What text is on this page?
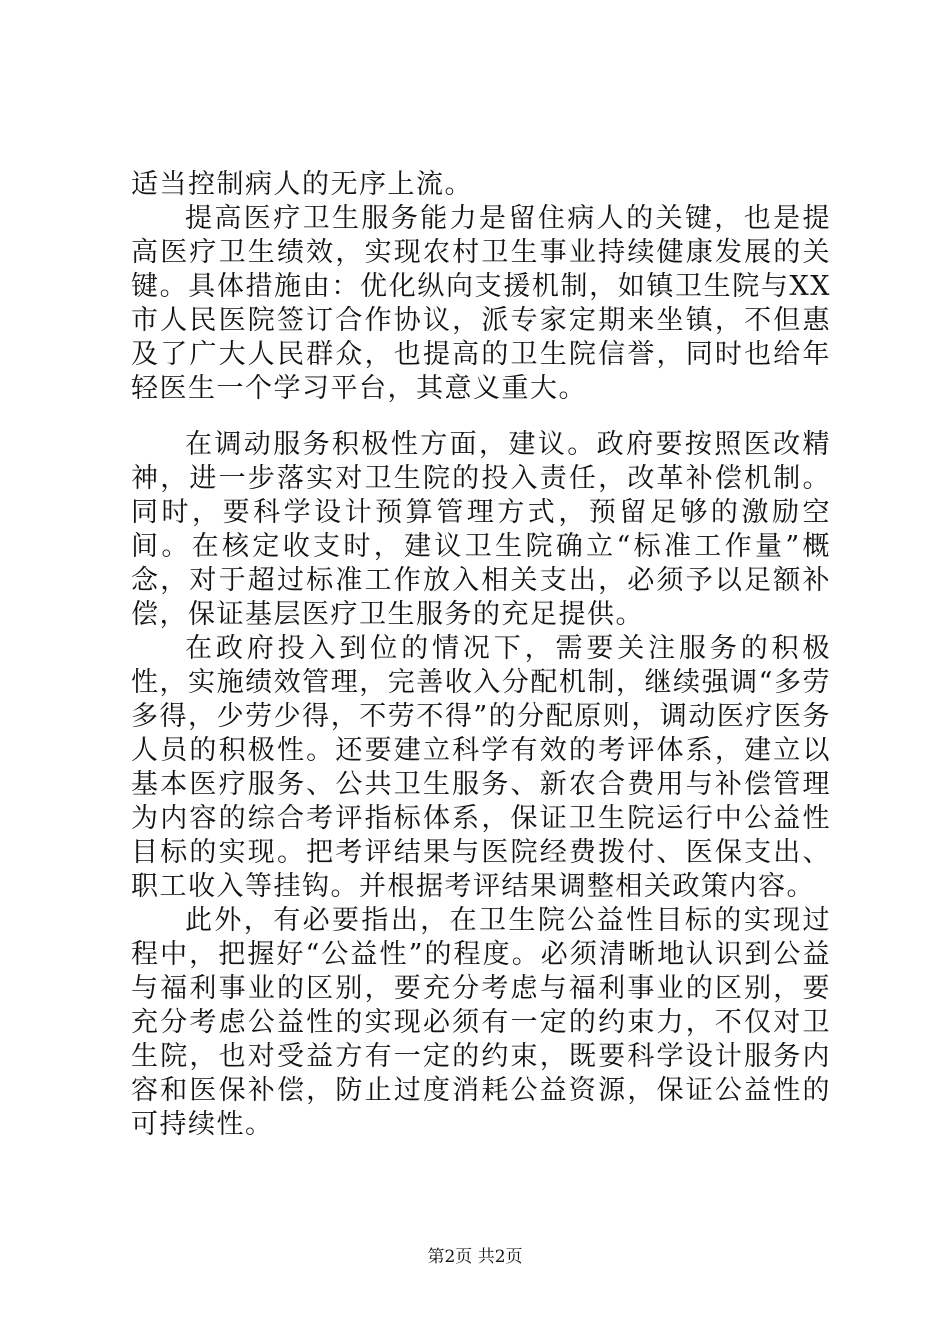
适当控制病人的无序上流。

提高医疗卫生服务能力是留住病人的关键，也是提高医疗卫生绩效，实现农村卫生事业持续健康发展的关键。具体措施由：优化纵向支援机制，如镇卫生院与XX市人民医院签订合作协议，派专家定期来坐镇，不但惠及了广大人民群众，也提高的卫生院信誉，同时也给年轻医生一个学习平台，其意义重大。

在调动服务积极性方面，建议。政府要按照医改精神，进一步落实对卫生院的投入责任，改革补偿机制。同时，要科学设计预算管理方式，预留足够的激励空间。在核定收支时，建议卫生院确立“标准工作量”概念，对于超过标准工作放入相关支出，必须予以足额补偿，保证基层医疗卫生服务的充足提供。

在政府投入到位的情况下，需要关注服务的积极性，实施绩效管理，完善收入分配机制，继续强调“多劳多得，少劳少得，不劳不得”的分配原则，调动医疗医务人员的积极性。还要建立科学有效的考评体系，建立以基本医疗服务、公共卫生服务、新农合费用与补偿管理为内容的综合考评指标体系，保证卫生院运行中公益性目标的实现。把考评结果与医院经费拨付、医保支出、职工收入等挂钩。并根据考评结果调整相关政策内容。

此外，有必要指出，在卫生院公益性目标的实现过程中，把握好“公益性”的程度。必须清晰地认识到公益与福利事业的区别，要充分考虑与福利事业的区别，要充分考虑公益性的实现必须有一定的约束力，不仅对卫生院，也对受益方有一定的约束，既要科学设计服务内容和医保补偿，防止过度消耗公益资源，保证公益性的可持续性。

第2页 共2页
